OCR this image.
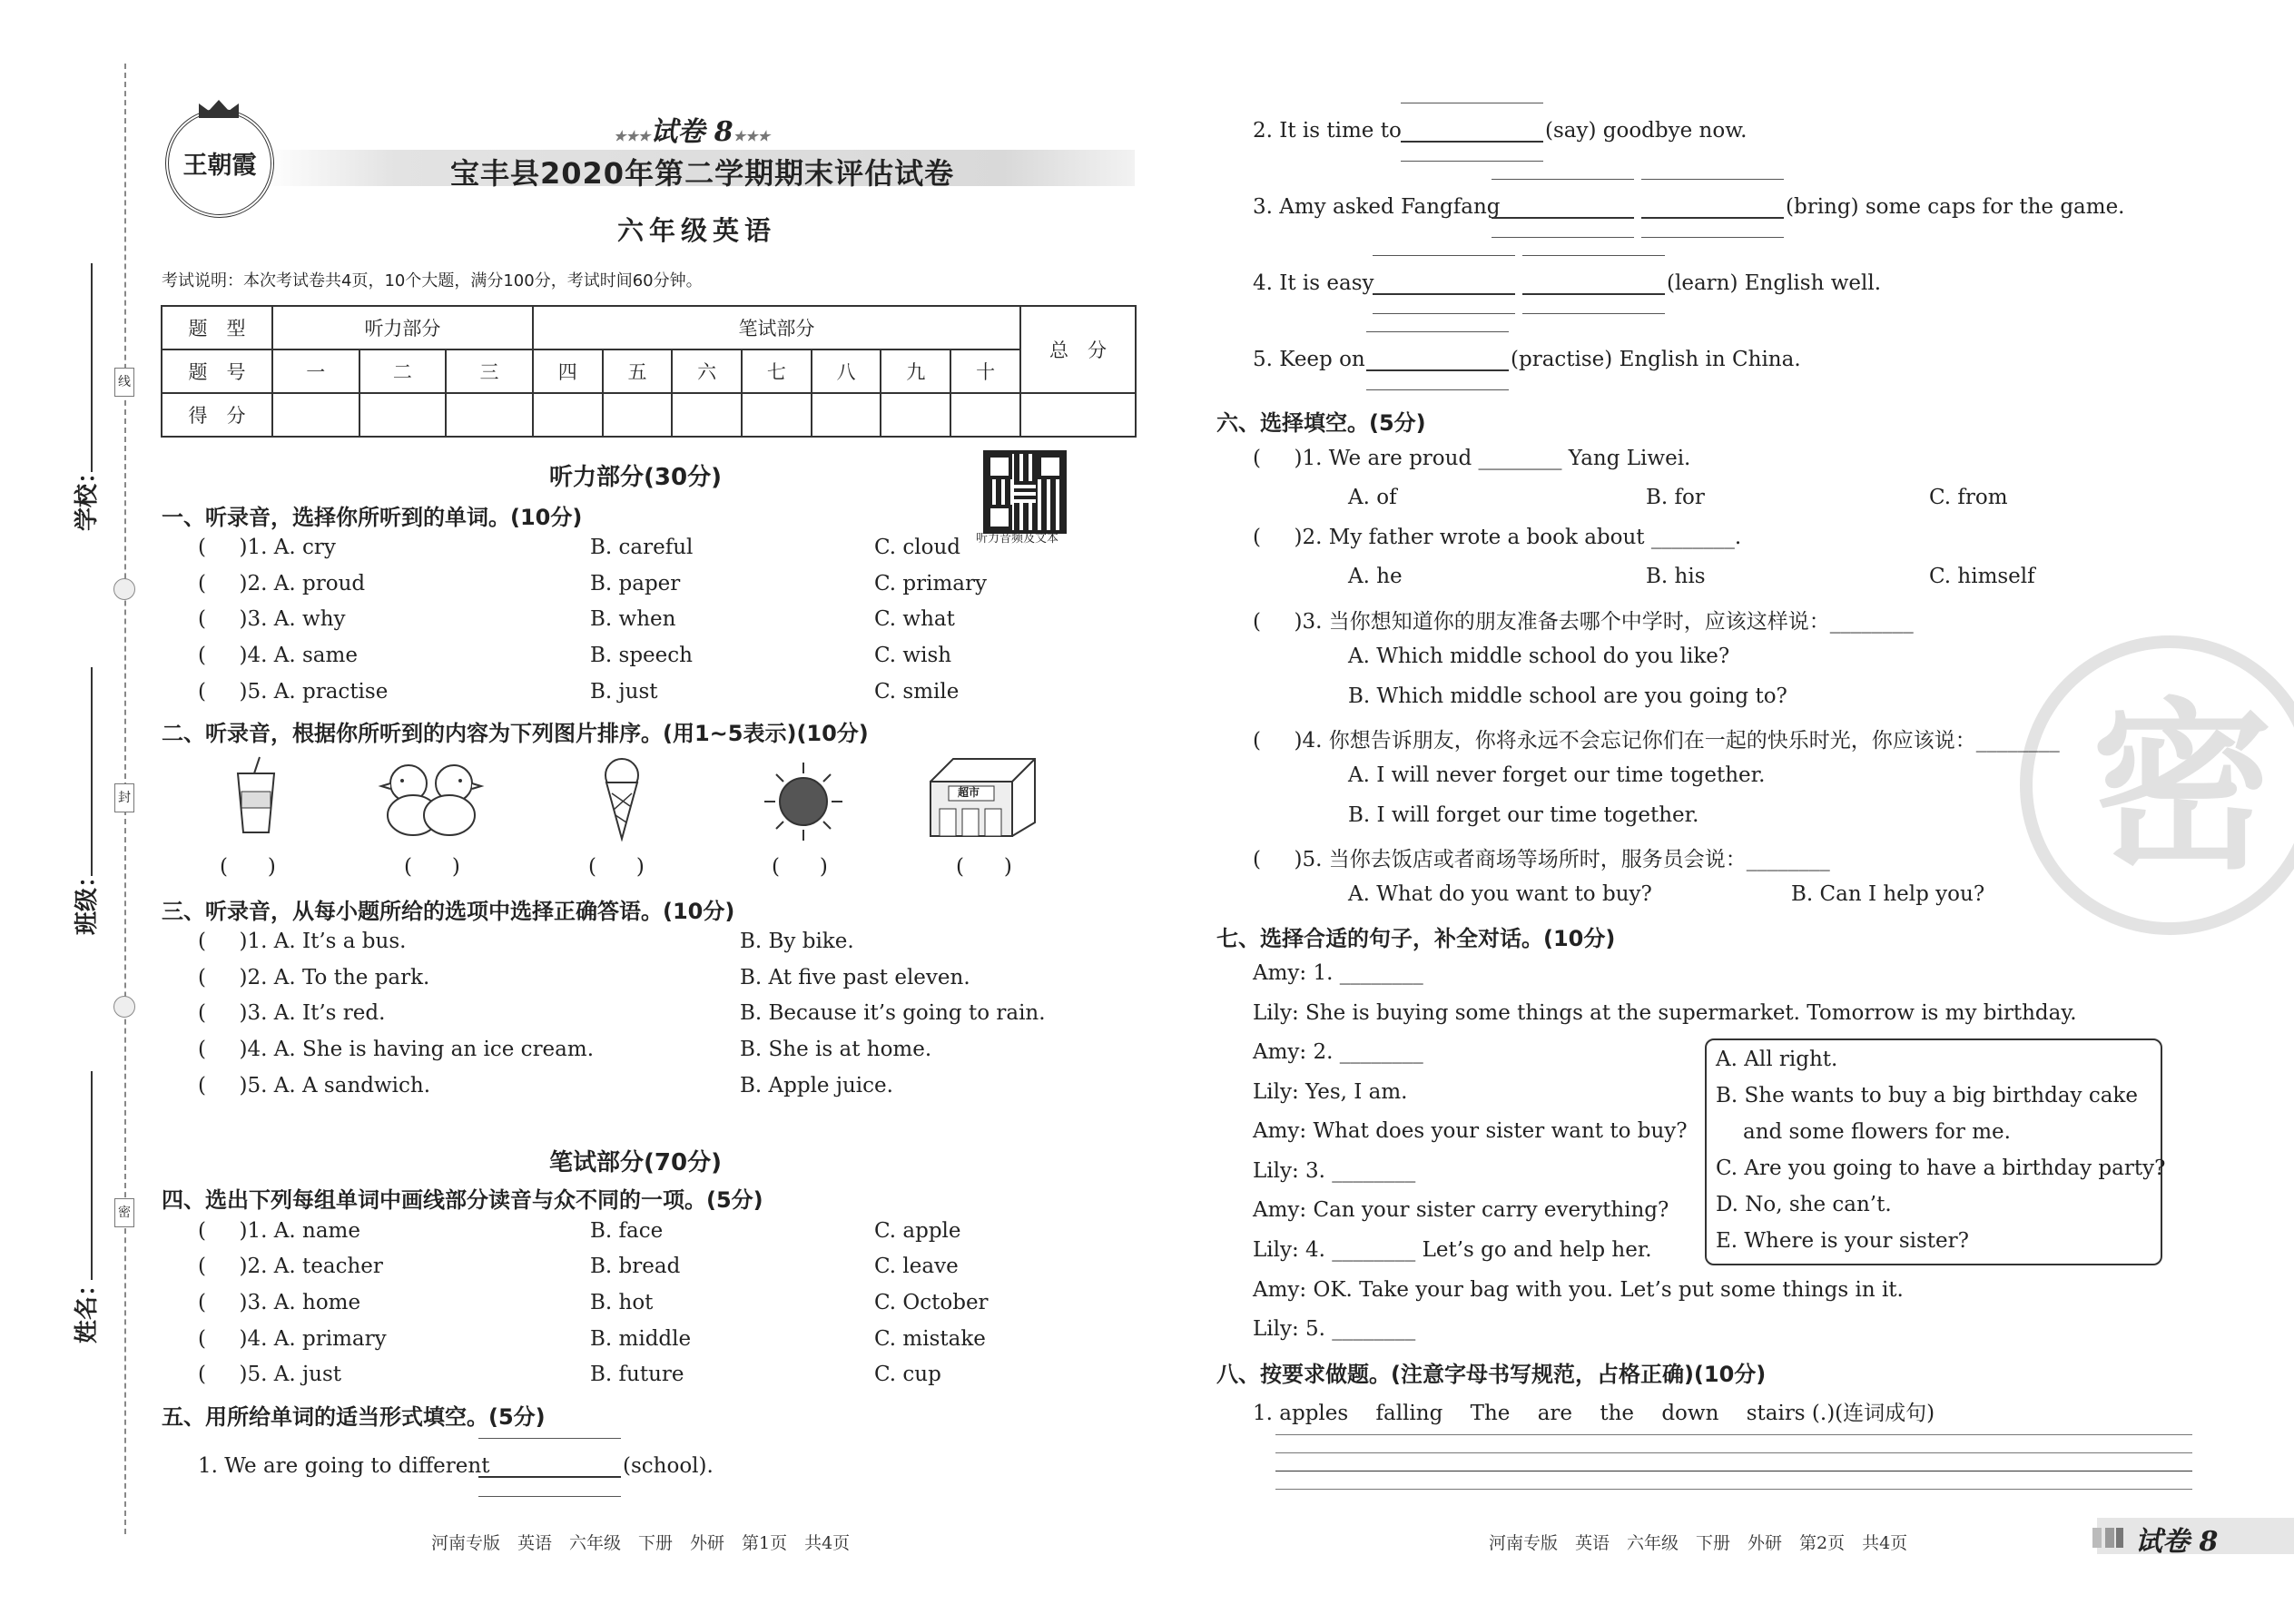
线
封
密
学校：
班级：
姓名：
王朝霞
★★★试卷 8★★★
宝丰县2020年第二学期期末评估试卷
六年级英语
考试说明：本次考试卷共4页，10个大题，满分100分，考试时间60分钟。
题　型	听力部分			笔试部分							总　分
题　号	一	二	三	四	五	六	七	八	九	十	
得　分											
听力部分(30分)
听力音频及文本
一、听录音，选择你所听到的单词。(10分)
(     )1. A. cry	B. careful	C. cloud
(     )2. A. proud	B. paper	C. primary
(     )3. A. why	B. when	C. what
(     )4. A. same	B. speech	C. wish
(     )5. A. practise	B. just	C. smile
二、听录音，根据你所听到的内容为下列图片排序。(用1~5表示)(10分)
超市
(      )	(      )	(      )	(      )	(      )
三、听录音，从每小题所给的选项中选择正确答语。(10分)
(     )1. A. It’s a bus.	B. By bike.
(     )2. A. To the park.	B. At five past eleven.
(     )3. A. It’s red.	B. Because it’s going to rain.
(     )4. A. She is having an ice cream.	B. She is at home.
(     )5. A. A sandwich.	B. Apple juice.
笔试部分(70分)
四、选出下列每组单词中画线部分读音与众不同的一项。(5分)
(     )1. A. name	B. face	C. apple
(     )2. A. teacher	B. bread	C. leave
(     )3. A. home	B. hot	C. October
(     )4. A. primary	B. middle	C. mistake
(     )5. A. just	B. future	C. cup
五、用所给单词的适当形式填空。(5分)
1. We are going to different	(school).
河南专版　英语　六年级　下册　外研　第1页　共4页
密
2. It is time to	(say) goodbye now.
3. Amy asked Fangfang	(bring) some caps for the game.
4. It is easy	(learn) English well.
5. Keep on	(practise) English in China.
六、选择填空。(5分)
(     )1. We are proud ________ Yang Liwei.
A. of	B. for	C. from
(     )2. My father wrote a book about ________.
A. he	B. his	C. himself
(     )3. 当你想知道你的朋友准备去哪个中学时，应该这样说：________
A. Which middle school do you like?
B. Which middle school are you going to?
(     )4. 你想告诉朋友，你将永远不会忘记你们在一起的快乐时光，你应该说：________
A. I will never forget our time together.
B. I will forget our time together.
(     )5. 当你去饭店或者商场等场所时，服务员会说：________
A. What do you want to buy?	B. Can I help you?
七、选择合适的句子，补全对话。(10分)
Amy: 1. ________
Lily: She is buying some things at the supermarket. Tomorrow is my birthday.
Amy: 2. ________
Lily: Yes, I am.
Amy: What does your sister want to buy?
Lily: 3. ________
Amy: Can your sister carry everything?
Lily: 4. ________ Let’s go and help her.
Amy: OK. Take your bag with you. Let’s put some things in it.
Lily: 5. ________
A. All right.
B. She wants to buy a big birthday cake
and some flowers for me.
C. Are you going to have a birthday party?
D. No, she can’t.
E. Where is your sister?
八、按要求做题。(注意字母书写规范，占格正确)(10分)
1. apples　 falling　 The　 are　 the　 down　 stairs (.)(连词成句)
河南专版　英语　六年级　下册　外研　第2页　共4页	试卷 8
